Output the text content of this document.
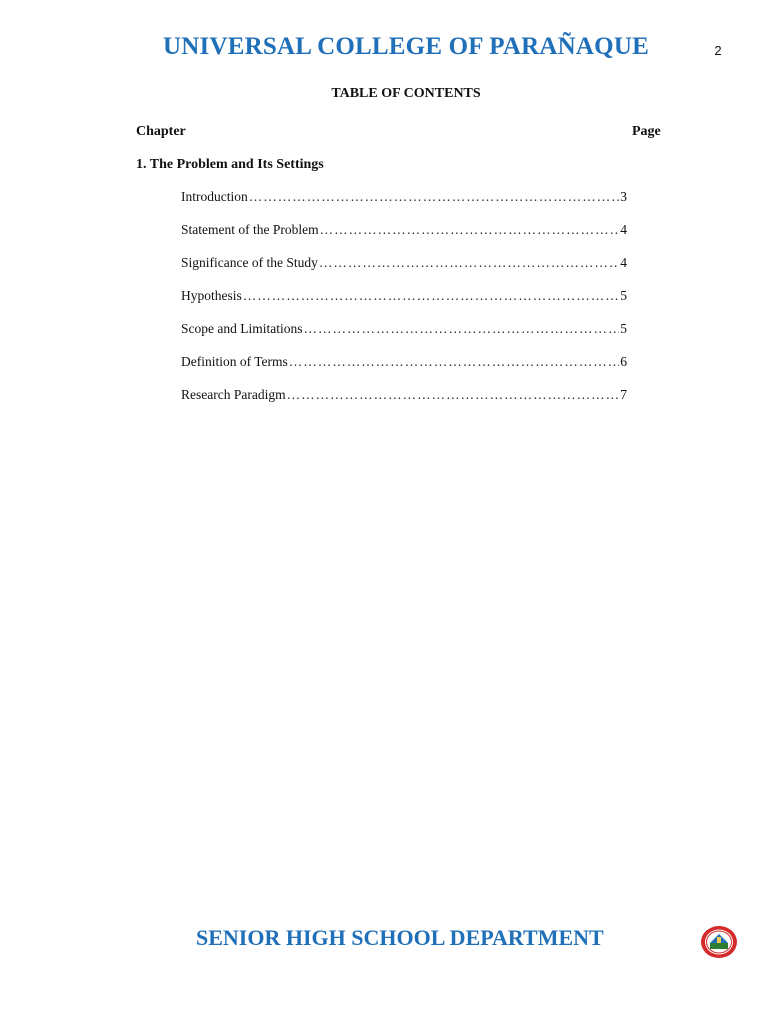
UNIVERSAL COLLEGE OF PARAÑAQUE	2
TABLE OF CONTENTS
Chapter	Page
1. The Problem and Its Settings
Introduction ……………………………………………………………………………………………………………………………………………………	3
Statement of the Problem ……………………………………………………………………………………………………………………………………………………	4
Significance of the Study ……………………………………………………………………………………………………………………………………………………	4
Hypothesis ……………………………………………………………………………………………………………………………………………………	5
Scope and Limitations ……………………………………………………………………………………………………………………………………………………	5
Definition of Terms ……………………………………………………………………………………………………………………………………………………	6
Research Paradigm ……………………………………………………………………………………………………………………………………………………	7
SENIOR HIGH SCHOOL DEPARTMENT
